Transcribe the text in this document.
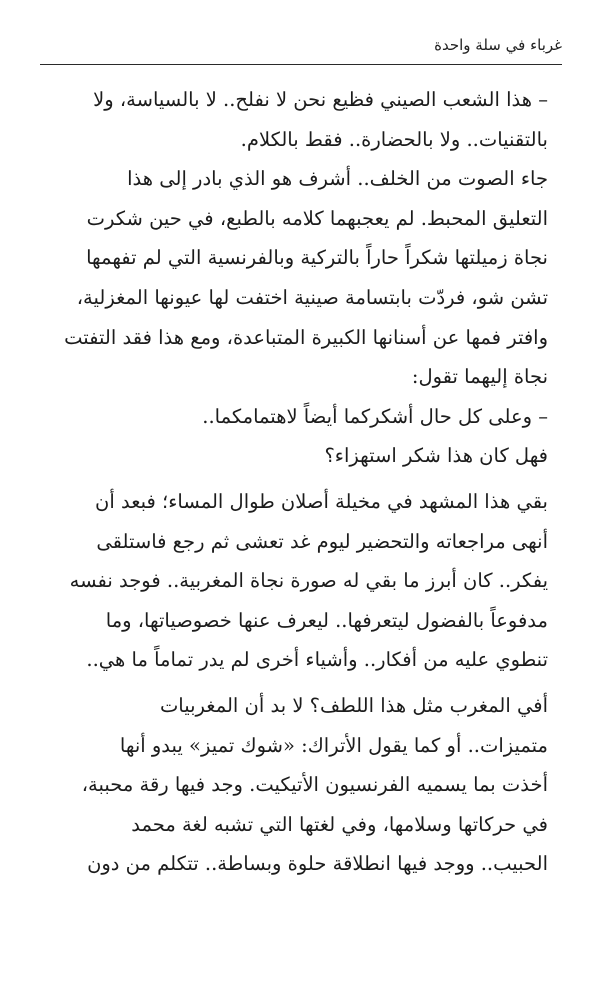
غرباء في سلة واحدة
– هذا الشعب الصيني فظيع نحن لا نفلح.. لا بالسياسة، ولا
بالتقنيات.. ولا بالحضارة.. فقط بالكلام.
جاء الصوت من الخلف.. أشرف هو الذي بادر إلى هذا
التعليق المحبط. لم يعجبهما كلامه بالطبع، في حين شكرت
نجاة زميلتها شكراً حاراً بالتركية وبالفرنسية التي لم تفهمها
تشن شو، فردّت بابتسامة صينية اختفت لها عيونها المغزلية،
وافتر فمها عن أسنانها الكبيرة المتباعدة، ومع هذا فقد التفتت
نجاة إليهما تقول:
– وعلى كل حال أشكركما أيضاً لاهتمامكما..
فهل كان هذا شكر استهزاء؟
بقي هذا المشهد في مخيلة أصلان طوال المساء؛ فبعد أن
أنهى مراجعاته والتحضير ليوم غد تعشى ثم رجع فاستلقى
يفكر.. كان أبرز ما بقي له صورة نجاة المغربية.. فوجد نفسه
مدفوعاً بالفضول ليتعرفها.. ليعرف عنها خصوصياتها، وما
تنطوي عليه من أفكار.. وأشياء أخرى لم يدر تماماً ما هي..
أفي المغرب مثل هذا اللطف؟ لا بد أن المغربيات
متميزات.. أو كما يقول الأتراك: «شوك تميز» يبدو أنها
أخذت بما يسميه الفرنسيون الأتيكيت. وجد فيها رقة محببة،
في حركاتها وسلامها، وفي لغتها التي تشبه لغة محمد
الحبيب.. ووجد فيها انطلاقة حلوة وبساطة.. تتكلم من دون
